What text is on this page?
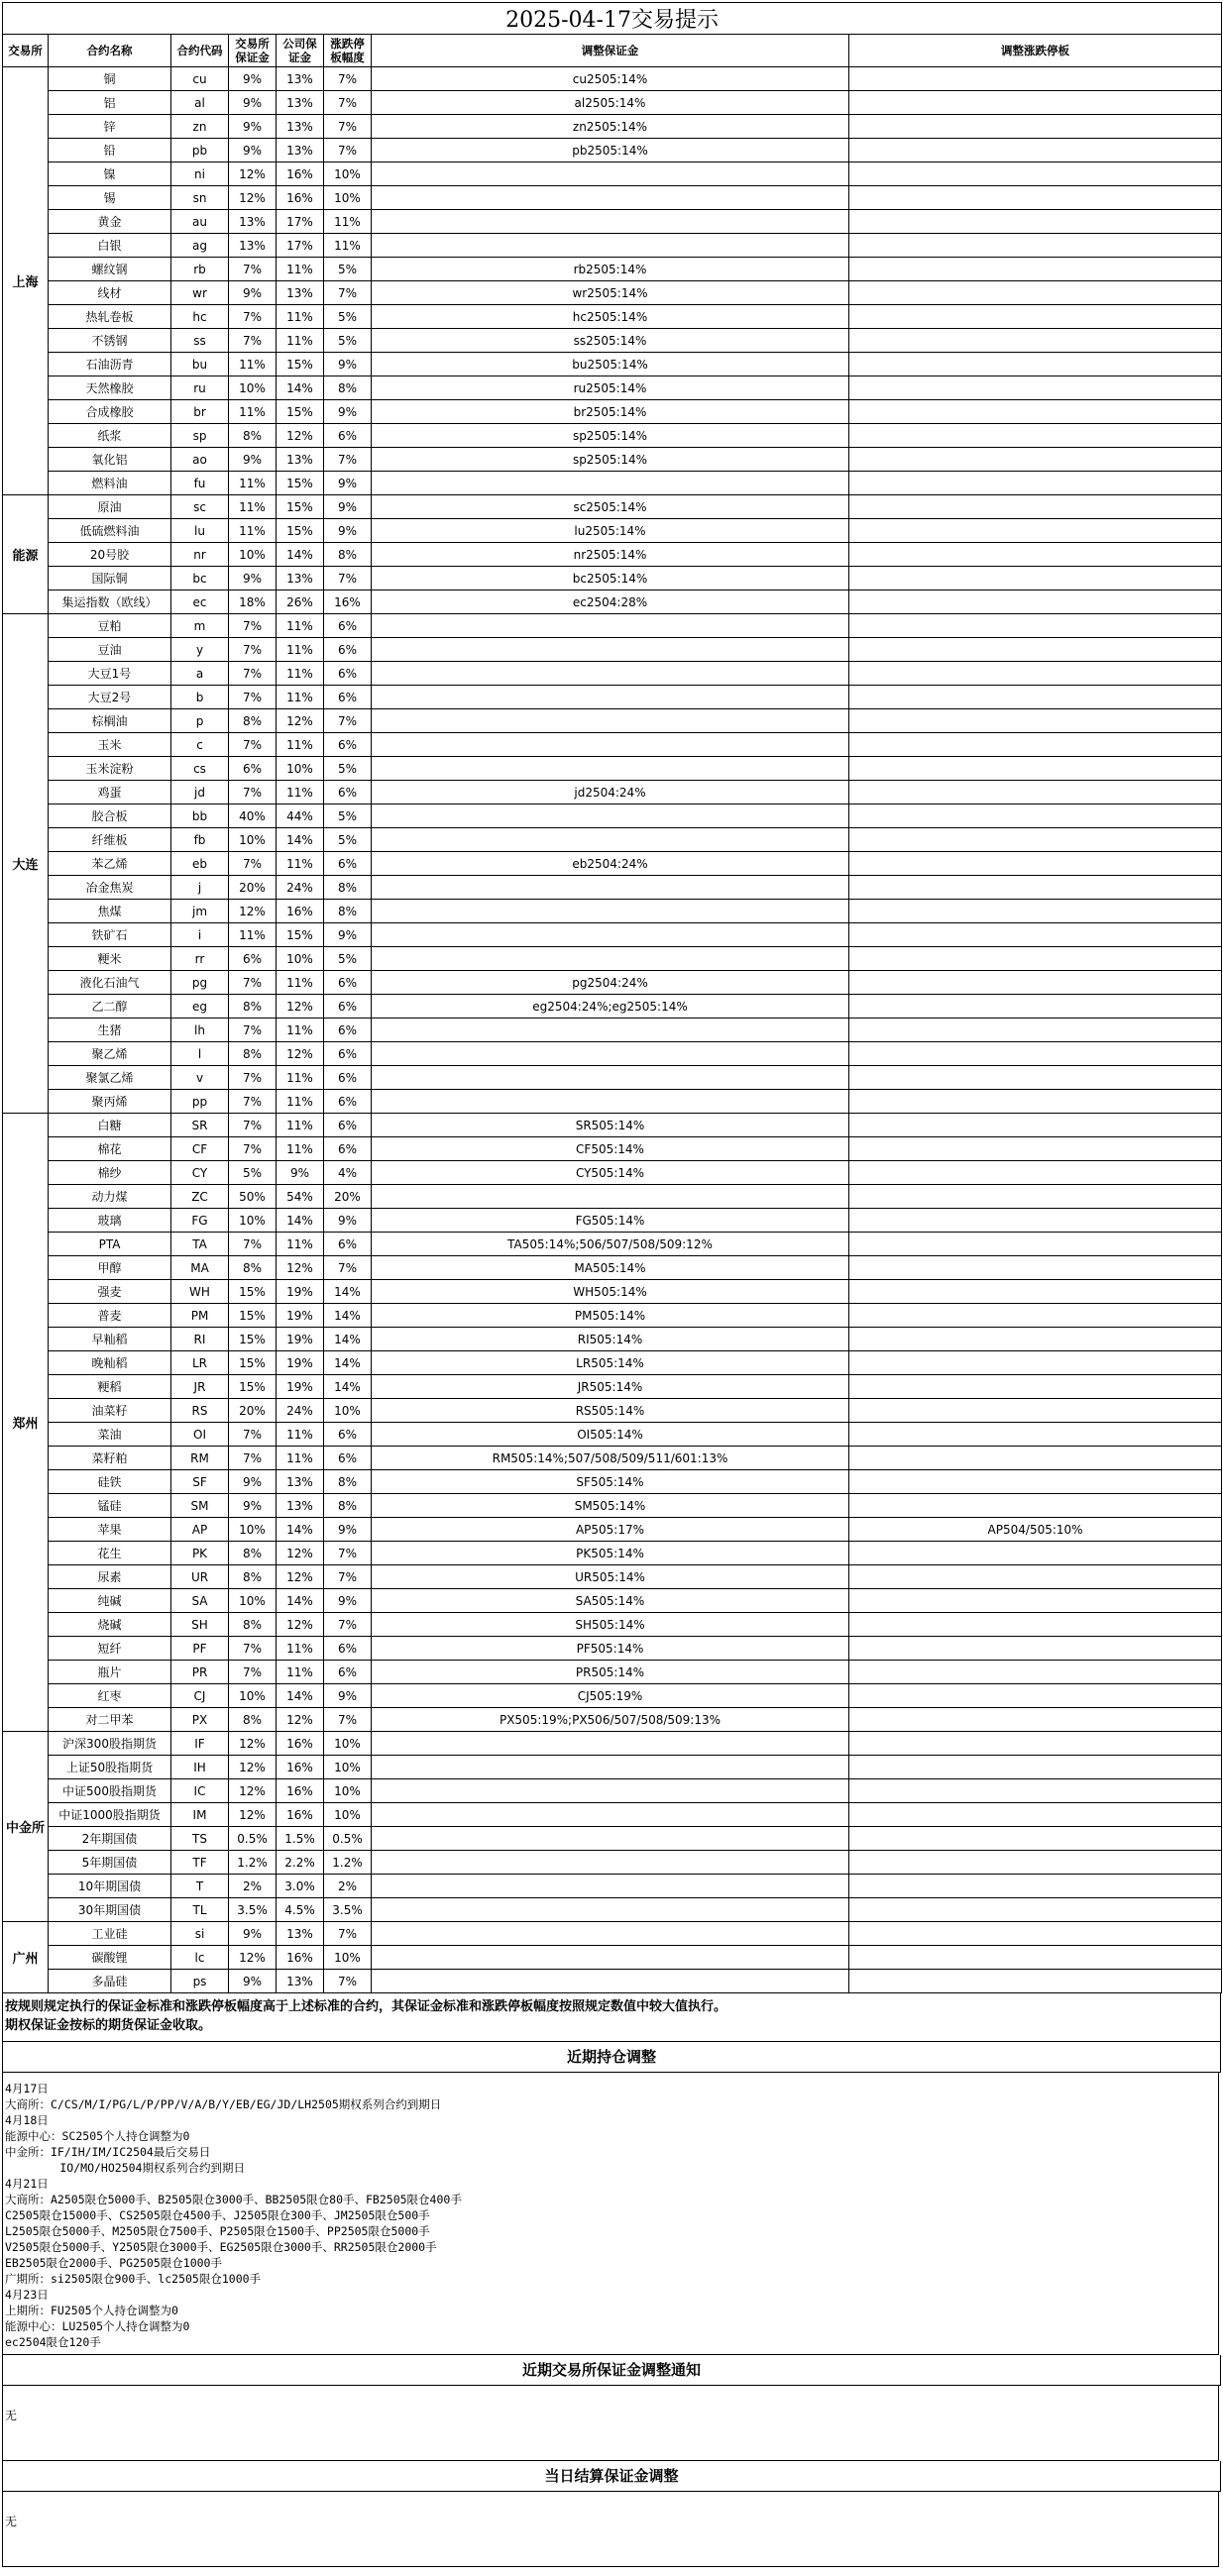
2025-04-17交易提示							
交易所	合约名称	合约代码	交易所保证金	公司保证金	涨跌停板幅度	调整保证金	调整涨跌停板
上海	铜	cu	9%	13%	7%	cu2505:14%	
	铝	al	9%	13%	7%	al2505:14%	
	锌	zn	9%	13%	7%	zn2505:14%	
	铅	pb	9%	13%	7%	pb2505:14%	
	镍	ni	12%	16%	10%		
	锡	sn	12%	16%	10%		
	黄金	au	13%	17%	11%		
	白银	ag	13%	17%	11%		
	螺纹钢	rb	7%	11%	5%	rb2505:14%	
	线材	wr	9%	13%	7%	wr2505:14%	
	热轧卷板	hc	7%	11%	5%	hc2505:14%	
	不锈钢	ss	7%	11%	5%	ss2505:14%	
	石油沥青	bu	11%	15%	9%	bu2505:14%	
	天然橡胶	ru	10%	14%	8%	ru2505:14%	
	合成橡胶	br	11%	15%	9%	br2505:14%	
	纸浆	sp	8%	12%	6%	sp2505:14%	
	氧化铝	ao	9%	13%	7%	sp2505:14%	
	燃料油	fu	11%	15%	9%		
能源	原油	sc	11%	15%	9%	sc2505:14%	
	低硫燃料油	lu	11%	15%	9%	lu2505:14%	
	20号胶	nr	10%	14%	8%	nr2505:14%	
	国际铜	bc	9%	13%	7%	bc2505:14%	
	集运指数（欧线）	ec	18%	26%	16%	ec2504:28%	
大连	豆粕	m	7%	11%	6%		
	豆油	y	7%	11%	6%		
	大豆1号	a	7%	11%	6%		
	大豆2号	b	7%	11%	6%		
	棕榈油	p	8%	12%	7%		
	玉米	c	7%	11%	6%		
	玉米淀粉	cs	6%	10%	5%		
	鸡蛋	jd	7%	11%	6%	jd2504:24%	
	胶合板	bb	40%	44%	5%		
	纤维板	fb	10%	14%	5%		
	苯乙烯	eb	7%	11%	6%	eb2504:24%	
	冶金焦炭	j	20%	24%	8%		
	焦煤	jm	12%	16%	8%		
	铁矿石	i	11%	15%	9%		
	粳米	rr	6%	10%	5%		
	液化石油气	pg	7%	11%	6%	pg2504:24%	
	乙二醇	eg	8%	12%	6%	eg2504:24%;eg2505:14%	
	生猪	lh	7%	11%	6%		
	聚乙烯	l	8%	12%	6%		
	聚氯乙烯	v	7%	11%	6%		
	聚丙烯	pp	7%	11%	6%		
郑州	白糖	SR	7%	11%	6%	SR505:14%	
	棉花	CF	7%	11%	6%	CF505:14%	
	棉纱	CY	5%	9%	4%	CY505:14%	
	动力煤	ZC	50%	54%	20%		
	玻璃	FG	10%	14%	9%	FG505:14%	
	PTA	TA	7%	11%	6%	TA505:14%;506/507/508/509:12%	
	甲醇	MA	8%	12%	7%	MA505:14%	
	强麦	WH	15%	19%	14%	WH505:14%	
	普麦	PM	15%	19%	14%	PM505:14%	
	早籼稻	RI	15%	19%	14%	RI505:14%	
	晚籼稻	LR	15%	19%	14%	LR505:14%	
	粳稻	JR	15%	19%	14%	JR505:14%	
	油菜籽	RS	20%	24%	10%	RS505:14%	
	菜油	OI	7%	11%	6%	OI505:14%	
	菜籽粕	RM	7%	11%	6%	RM505:14%;507/508/509/511/601:13%	
	硅铁	SF	9%	13%	8%	SF505:14%	
	锰硅	SM	9%	13%	8%	SM505:14%	
	苹果	AP	10%	14%	9%	AP505:17%	AP504/505:10%
	花生	PK	8%	12%	7%	PK505:14%	
	尿素	UR	8%	12%	7%	UR505:14%	
	纯碱	SA	10%	14%	9%	SA505:14%	
	烧碱	SH	8%	12%	7%	SH505:14%	
	短纤	PF	7%	11%	6%	PF505:14%	
	瓶片	PR	7%	11%	6%	PR505:14%	
	红枣	CJ	10%	14%	9%	CJ505:19%	
	对二甲苯	PX	8%	12%	7%	PX505:19%;PX506/507/508/509:13%	
中金所	沪深300股指期货	IF	12%	16%	10%		
	上证50股指期货	IH	12%	16%	10%		
	中证500股指期货	IC	12%	16%	10%		
	中证1000股指期货	IM	12%	16%	10%		
	2年期国债	TS	0.5%	1.5%	0.5%		
	5年期国债	TF	1.2%	2.2%	1.2%		
	10年期国债	T	2%	3.0%	2%		
	30年期国债	TL	3.5%	4.5%	3.5%		
广州	工业硅	si	9%	13%	7%		
	碳酸锂	lc	12%	16%	10%		
	多晶硅	ps	9%	13%	7%		
按规则规定执行的保证金标准和涨跌停板幅度高于上述标准的合约，其保证金标准和涨跌停板幅度按照规定数值中较大值执行。
期权保证金按标的期货保证金收取。
近期持仓调整
4月17日
大商所：C/CS/M/I/PG/L/P/PP/V/A/B/Y/EB/EG/JD/LH2505期权系列合约到期日
4月18日
能源中心：SC2505个人持仓调整为0
中金所：IF/IH/IM/IC2504最后交易日
IO/MO/HO2504期权系列合约到期日
4月21日
大商所：A2505限仓5000手、B2505限仓3000手、BB2505限仓80手、FB2505限仓400手
C2505限仓15000手、CS2505限仓4500手、J2505限仓300手、JM2505限仓500手
L2505限仓5000手、M2505限仓7500手、P2505限仓1500手、PP2505限仓5000手
V2505限仓5000手、Y2505限仓3000手、EG2505限仓3000手、RR2505限仓2000手
EB2505限仓2000手、PG2505限仓1000手
广期所：si2505限仓900手、lc2505限仓1000手
4月23日
上期所：FU2505个人持仓调整为0
能源中心：LU2505个人持仓调整为0
ec2504限仓120手
近期交易所保证金调整通知
无
当日结算保证金调整
无
